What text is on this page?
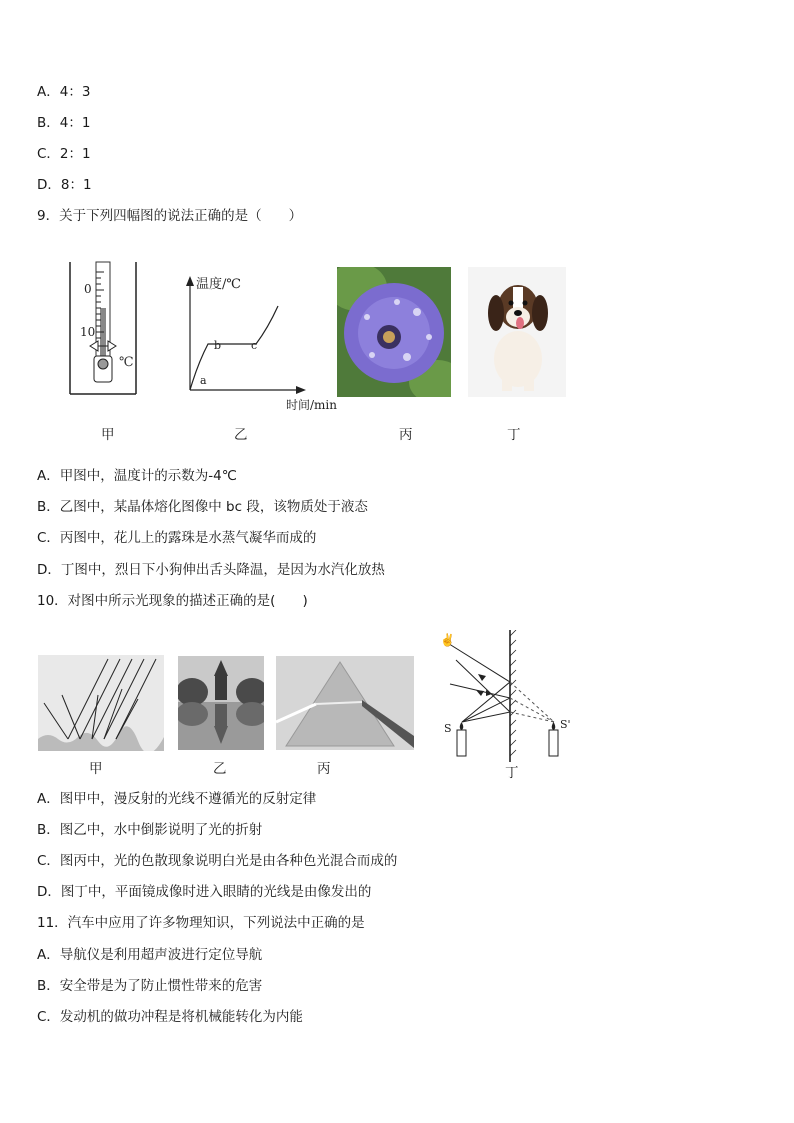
A．4：3
B．4：1
C．2：1
D．8：1
9．关于下列四幅图的说法正确的是（　　）
0
10
℃
温度/℃
时间/min
a
b	c
甲	乙	丙	丁
A．甲图中，温度计的示数为-4℃
B．乙图中，某晶体熔化图像中 bc 段，该物质处于液态
C．丙图中，花儿上的露珠是水蒸气凝华而成的
D．丁图中，烈日下小狗伸出舌头降温，是因为水汽化放热
10．对图中所示光现象的描述正确的是(　　)
✌
S	S'
甲	乙	丙	丁
A．图甲中，漫反射的光线不遵循光的反射定律
B．图乙中，水中倒影说明了光的折射
C．图丙中，光的色散现象说明白光是由各种色光混合而成的
D．图丁中，平面镜成像时进入眼睛的光线是由像发出的
11．汽车中应用了许多物理知识，下列说法中正确的是
A．导航仪是利用超声波进行定位导航
B．安全带是为了防止惯性带来的危害
C．发动机的做功冲程是将机械能转化为内能
